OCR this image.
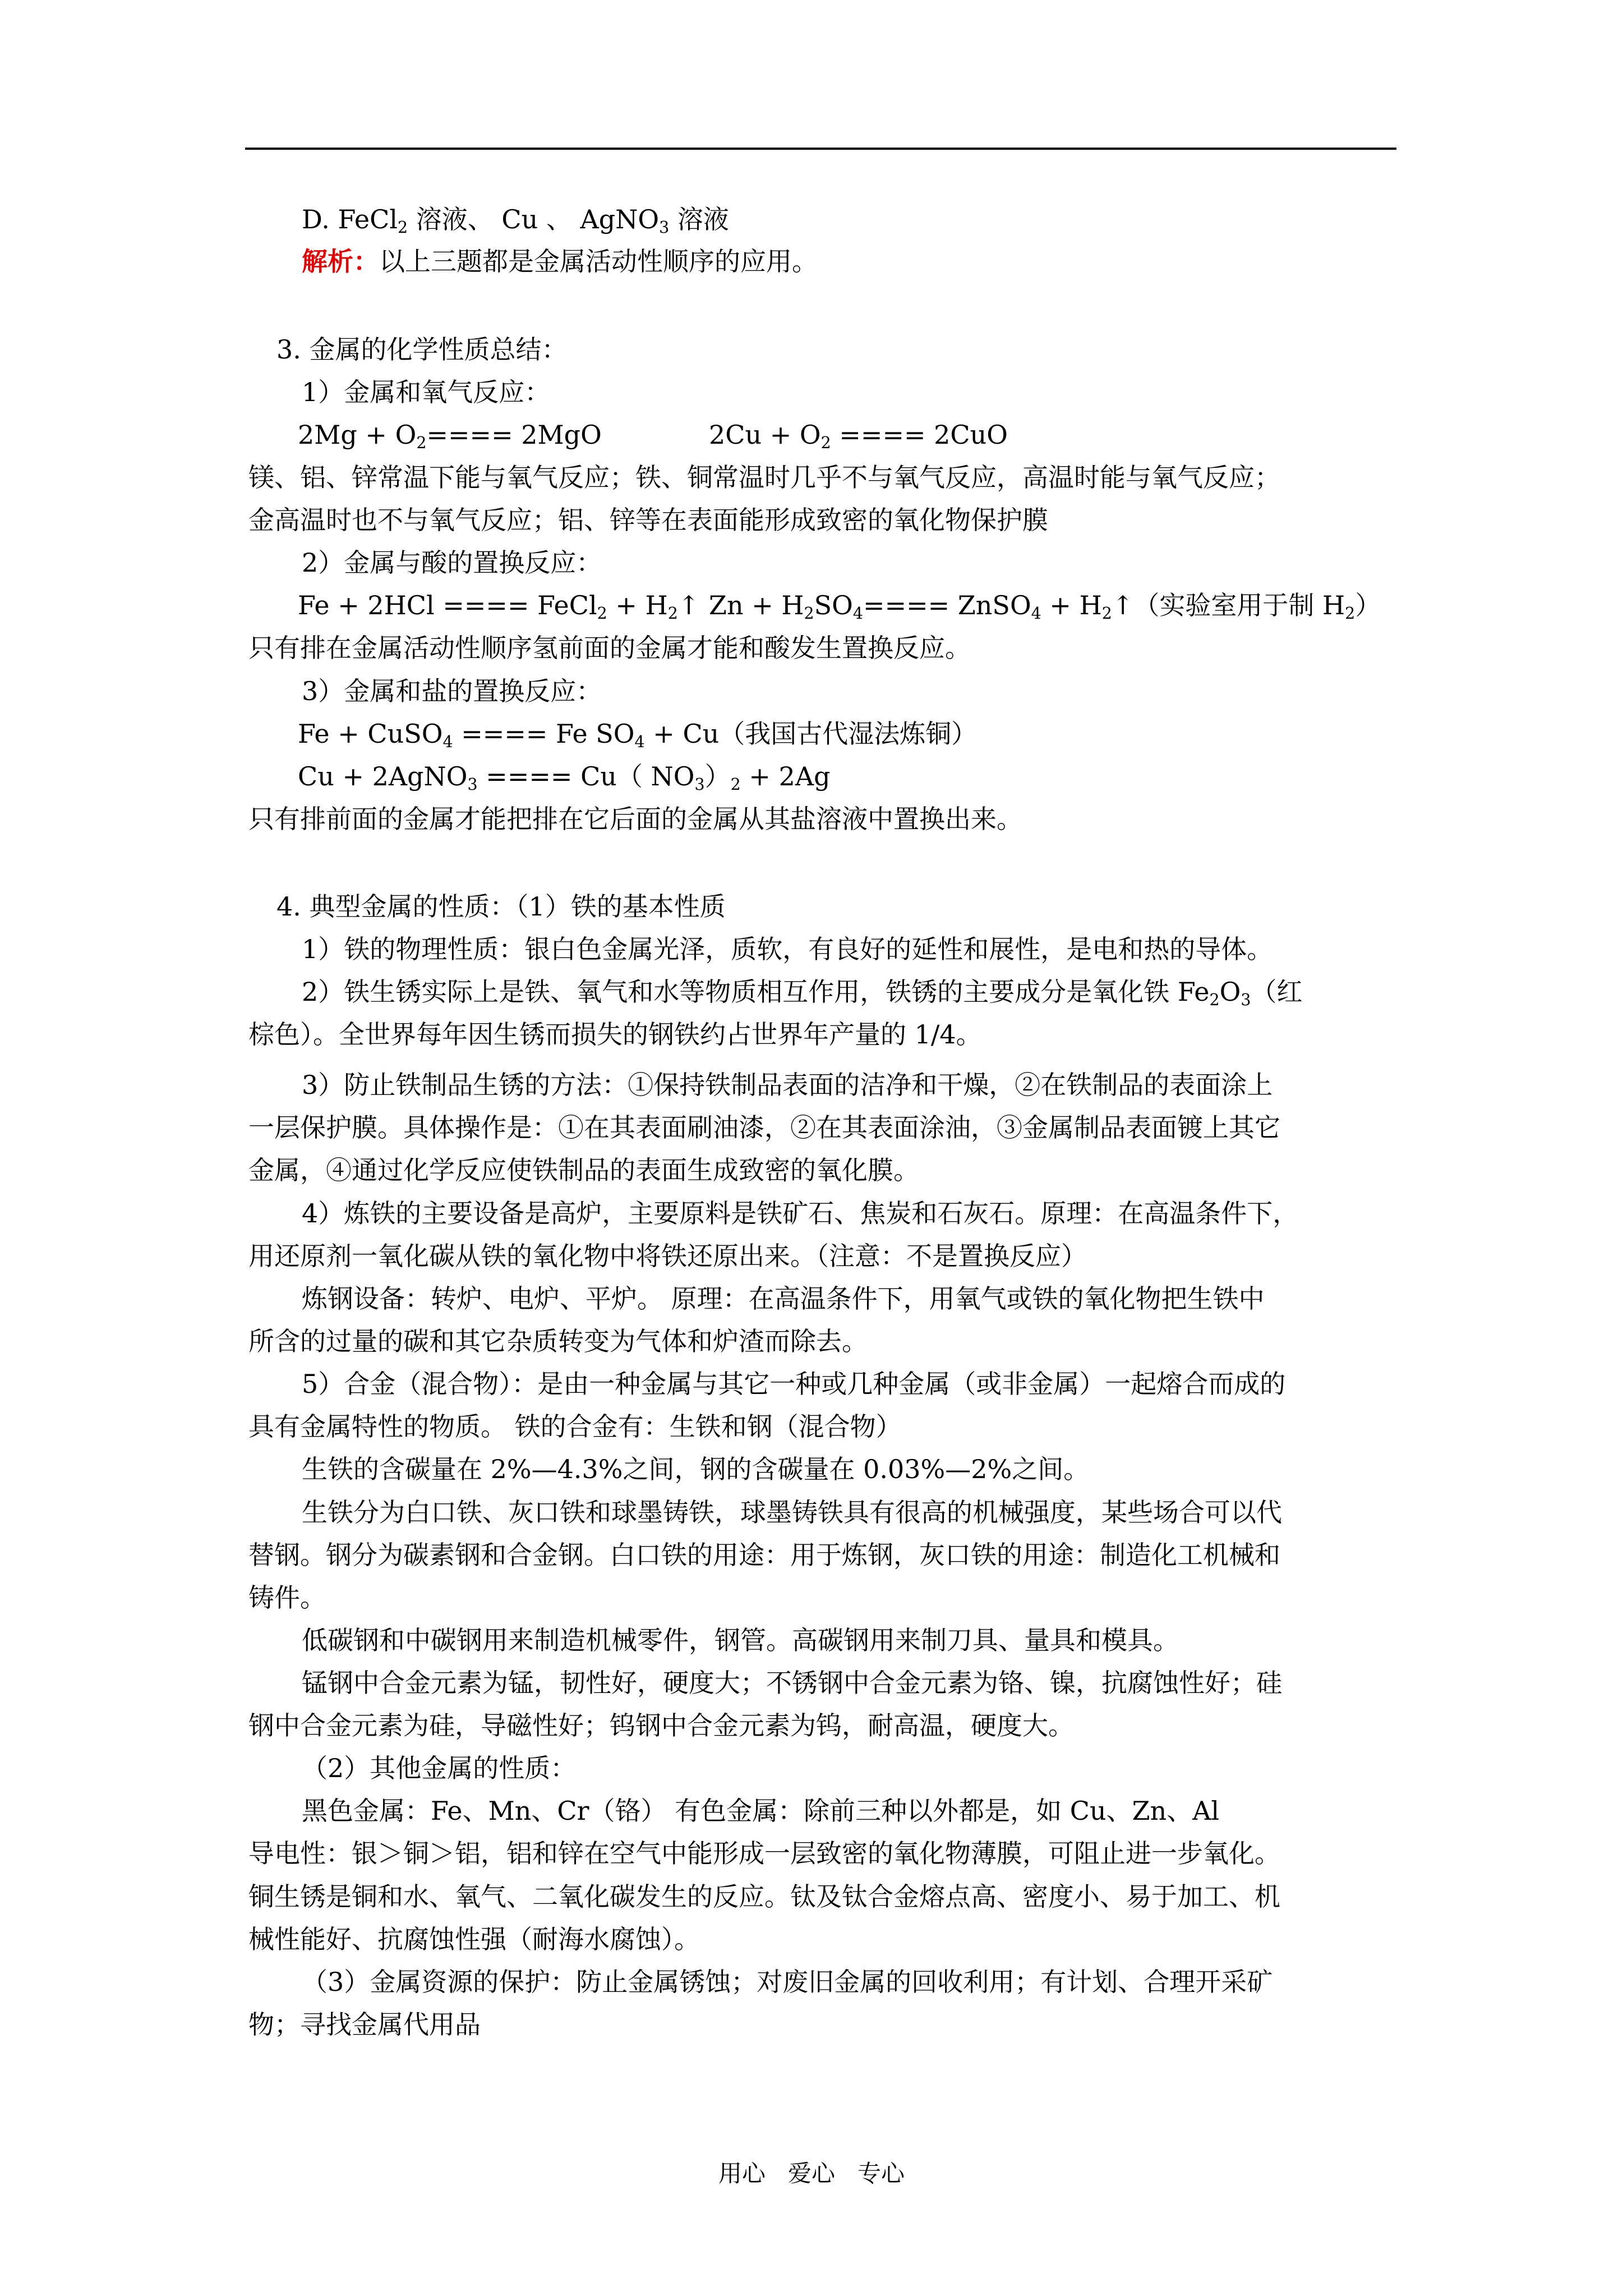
D. FeCl$_2$ 溶液、 Cu 、 AgNO$_3$ 溶液
解析：以上三题都是金属活动性顺序的应用。
3. 金属的化学性质总结：
1）金属和氧气反应：
$2Mg + O_2==== 2MgO$	$2Cu + O_2$ ==== 2CuO
镁、铝、锌常温下能与氧气反应；铁、铜常温时几乎不与氧气反应，高温时能与氧气反应；
金高温时也不与氧气反应；铝、锌等在表面能形成致密的氧化物保护膜
2）金属与酸的置换反应：
Fe + 2HCl ==== FeCl$_2$ + $H_2↑$ $Zn + H_2SO_4====$ ZnSO$_4$ + $H_2↑$（实验室用于制 $H_2$）
只有排在金属活动性顺序氢前面的金属才能和酸发生置换反应。
3）金属和盐的置换反应：
Fe + CuSO$_4$ ==== Fe $SO_4 + Cu$（我国古代湿法炼铜）
Cu + 2AgNO$_3$ ==== Cu（ $NO_3)_2 + 2Ag$
只有排前面的金属才能把排在它后面的金属从其盐溶液中置换出来。
4. 典型金属的性质：（1）铁的基本性质
1）铁的物理性质：银白色金属光泽，质软，有良好的延性和展性，是电和热的导体。
2）铁生锈实际上是铁、氧气和水等物质相互作用，铁锈的主要成分是氧化铁 $Fe_2O_3$（红
棕色）。全世界每年因生锈而损失的钢铁约占世界年产量的 1/4。
3）防止铁制品生锈的方法：①保持铁制品表面的洁净和干燥，②在铁制品的表面涂上
一层保护膜。具体操作是：①在其表面刷油漆，②在其表面涂油，③金属制品表面镀上其它
金属，④通过化学反应使铁制品的表面生成致密的氧化膜。
4）炼铁的主要设备是高炉，主要原料是铁矿石、焦炭和石灰石。原理：在高温条件下，
用还原剂一氧化碳从铁的氧化物中将铁还原出来。（注意：不是置换反应）
炼钢设备：转炉、电炉、平炉。 原理：在高温条件下，用氧气或铁的氧化物把生铁中
所含的过量的碳和其它杂质转变为气体和炉渣而除去。
5）合金（混合物）：是由一种金属与其它一种或几种金属（或非金属）一起熔合而成的
具有金属特性的物质。 铁的合金有：生铁和钢（混合物）
生铁的含碳量在 2%—4.3%之间，钢的含碳量在 0.03%—2%之间。
生铁分为白口铁、灰口铁和球墨铸铁，球墨铸铁具有很高的机械强度，某些场合可以代
替钢。钢分为碳素钢和合金钢。白口铁的用途：用于炼钢，灰口铁的用途：制造化工机械和
铸件。
低碳钢和中碳钢用来制造机械零件，钢管。高碳钢用来制刀具、量具和模具。
锰钢中合金元素为锰，韧性好，硬度大；不锈钢中合金元素为铬、镍，抗腐蚀性好；硅
钢中合金元素为硅，导磁性好；钨钢中合金元素为钨，耐高温，硬度大。
（2）其他金属的性质：
黑色金属：Fe、Mn、Cr（铬） 有色金属：除前三种以外都是，如 Cu、Zn、Al
导电性：银＞铜＞铝，铝和锌在空气中能形成一层致密的氧化物薄膜，可阻止进一步氧化。
铜生锈是铜和水、氧气、二氧化碳发生的反应。钛及钛合金熔点高、密度小、易于加工、机
械性能好、抗腐蚀性强（耐海水腐蚀）。
（3）金属资源的保护：防止金属锈蚀；对废旧金属的回收利用；有计划、合理开采矿
物；寻找金属代用品
用心   爱心   专心
